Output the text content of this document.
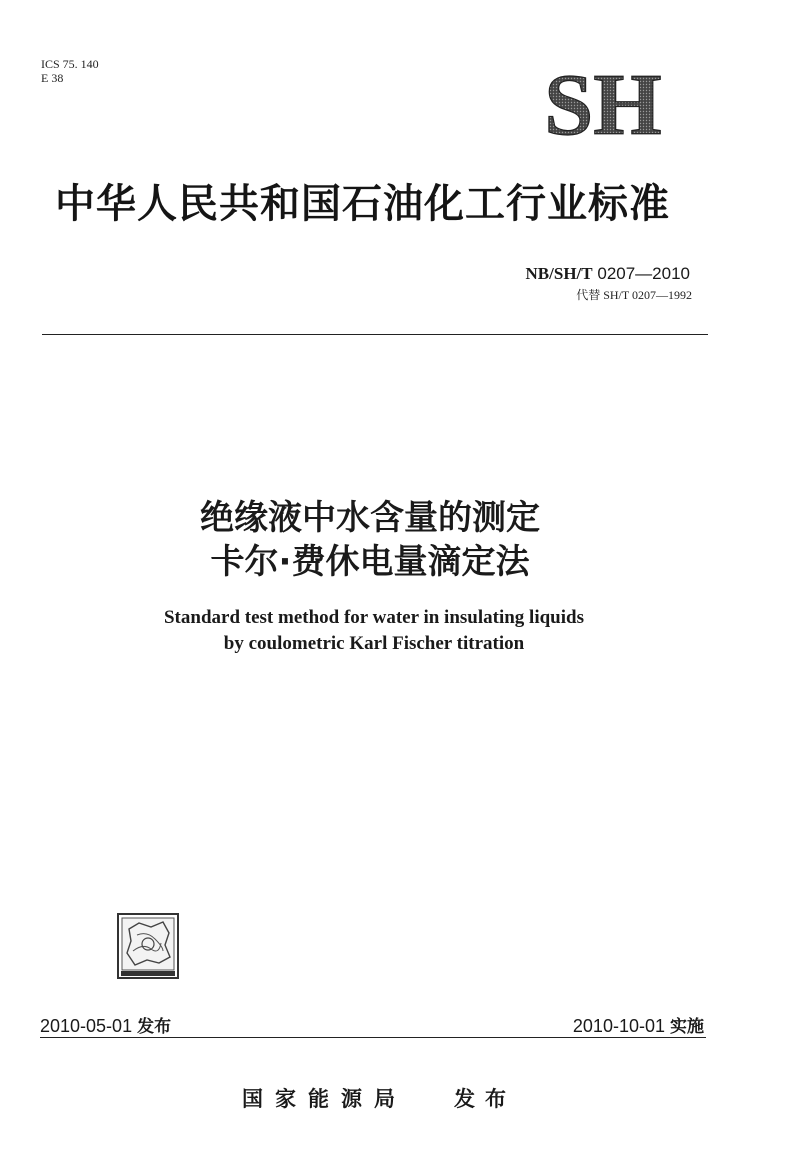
ICS 75. 140
E 38	SH
中华人民共和国石油化工行业标准
NB/SH/T 0207—2010
代替 SH/T 0207—1992
绝缘液中水含量的测定
卡尔·费休电量滴定法
Standard test method for water in insulating liquids
by coulometric Karl Fischer titration
2010-05-01 发布	2010-10-01 实施
国家能源局 发布
